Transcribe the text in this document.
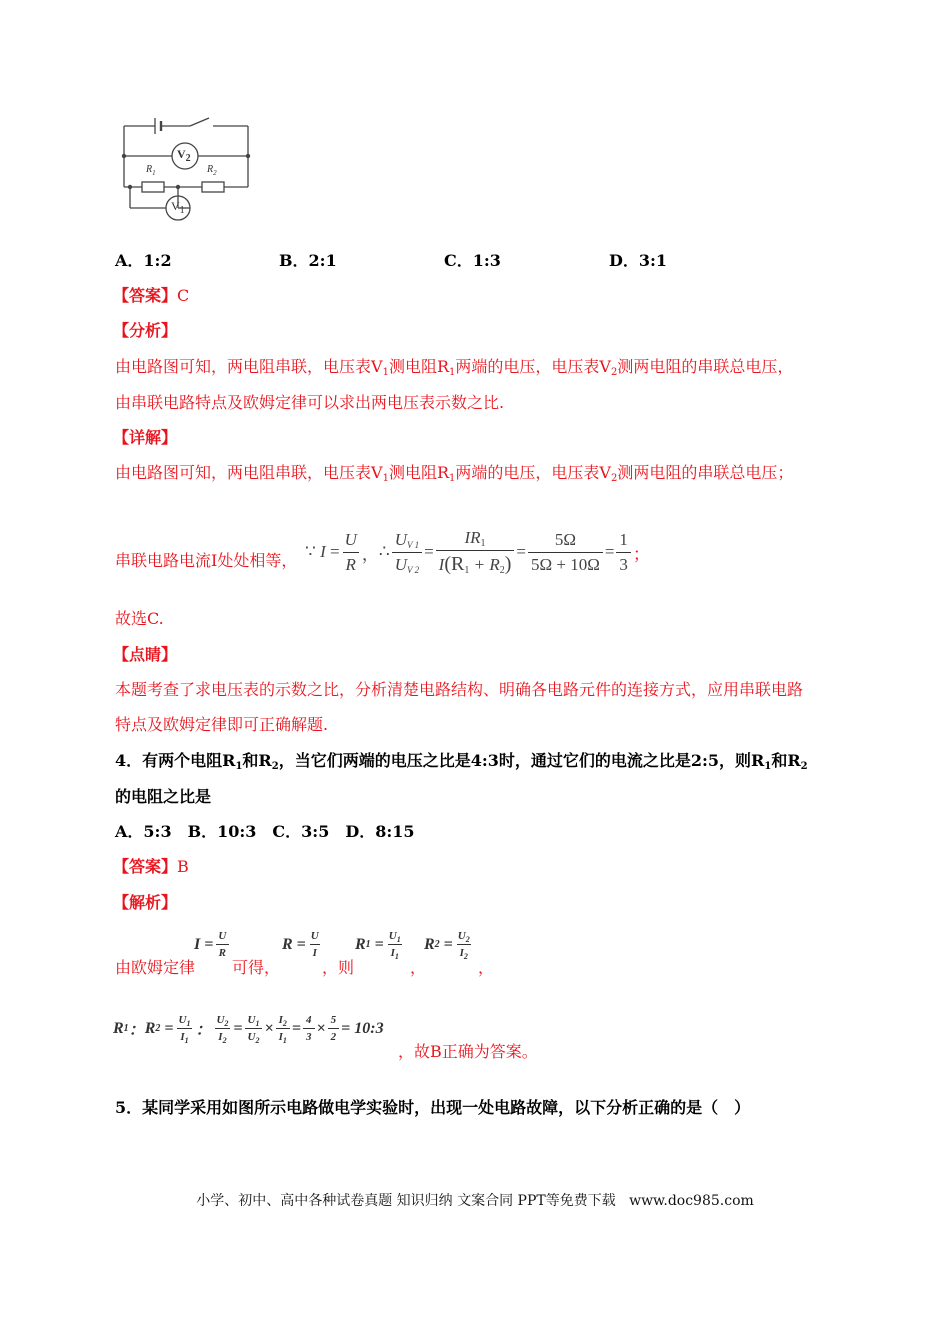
$V_2$
$V_1$
$R_1$	$R_2$
A．1:2	B．2:1	C．1:3	D．3:1
【答案】C
【分析】
由电路图可知，两电阻串联，电压表$V_1$测电阻$R_1$两端的电压，电压表$V_2$测两电阻的串联总电压，
由串联电路特点及欧姆定律可以求出两电压表示数之比.
【详解】
由电路图可知，两电阻串联，电压表$V_1$测电阻$R_1$两端的电压，电压表$V_2$测两电阻的串联总电压；
串联电路电流I处处相等， ∵
I
= $\frac{U}{R}$ ， ∴ $\frac{UV 1}{UV 2} = \frac{IR1}{I(R1 + R2)} = \frac{5\Omega}{5\Omega + 10\Omega} = \frac{1}{3}$ ；
故选C.
【点睛】
本题考查了求电压表的示数之比，分析清楚电路结构、明确各电路元件的连接方式，应用串联电路
特点及欧姆定律即可正确解题.
4．有两个电阻$R_1$和$R_2$，当它们两端的电压之比是4:3时，通过它们的电流之比是2:5，则$R_1$和$R_2$
的电阻之比是
A．5:3　B．10:3　C．3:5　D．8:15
【答案】B
【解析】
由欧姆定律
I
= $\frac{U}{R}$
可得，
R
= $\frac{U}{I}$
，则
R 1
= $\frac{U_1}{I_1}$
，
R 2
= $\frac{U_2}{I_2}$
，
R 1 ： R 2
= $\frac{U_1}{I_1}$ ： $\frac{U_2}{I_2} = \frac{U_1}{U_2} \times \frac{I_2}{I_1} = \frac{4}{3} \times \frac{5}{2}$ =
10:3
，故B正确为答案。
5．某同学采用如图所示电路做电学实验时，出现一处电路故障，以下分析正确的是（　）
小学、初中、高中各种试卷真题 知识归纳 文案合同 PPT等免费下载   www.doc985.com
